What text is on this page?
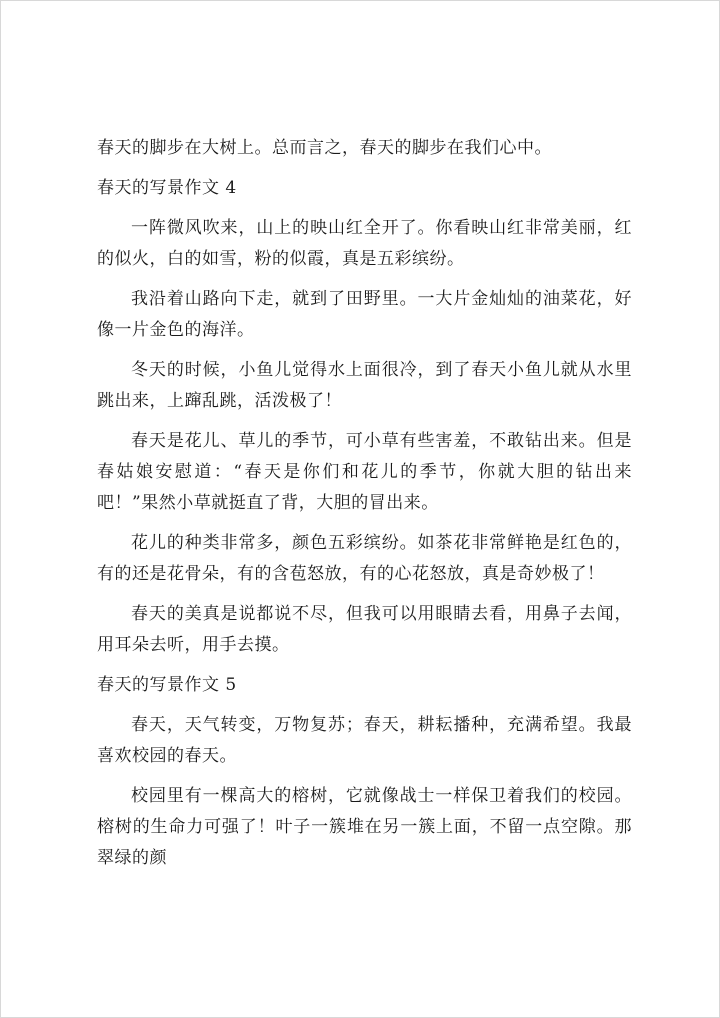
春天的脚步在大树上。总而言之，春天的脚步在我们心中。

春天的写景作文 4

一阵微风吹来，山上的映山红全开了。你看映山红非常美丽，红的似火，白的如雪，粉的似霞，真是五彩缤纷。

我沿着山路向下走，就到了田野里。一大片金灿灿的油菜花，好像一片金色的海洋。

冬天的时候，小鱼儿觉得水上面很冷，到了春天小鱼儿就从水里跳出来，上蹿乱跳，活泼极了！

春天是花儿、草儿的季节，可小草有些害羞，不敢钻出来。但是春姑娘安慰道：“春天是你们和花儿的季节，你就大胆的钻出来吧！”果然小草就挺直了背，大胆的冒出来。

花儿的种类非常多，颜色五彩缤纷。如茶花非常鲜艳是红色的，有的还是花骨朵，有的含苞怒放，有的心花怒放，真是奇妙极了！

春天的美真是说都说不尽，但我可以用眼睛去看，用鼻子去闻，用耳朵去听，用手去摸。

春天的写景作文 5

春天，天气转变，万物复苏；春天，耕耘播种，充满希望。我最喜欢校园的春天。

校园里有一棵高大的榕树，它就像战士一样保卫着我们的校园。榕树的生命力可强了！叶子一簇堆在另一簇上面，不留一点空隙。那翠绿的颜
